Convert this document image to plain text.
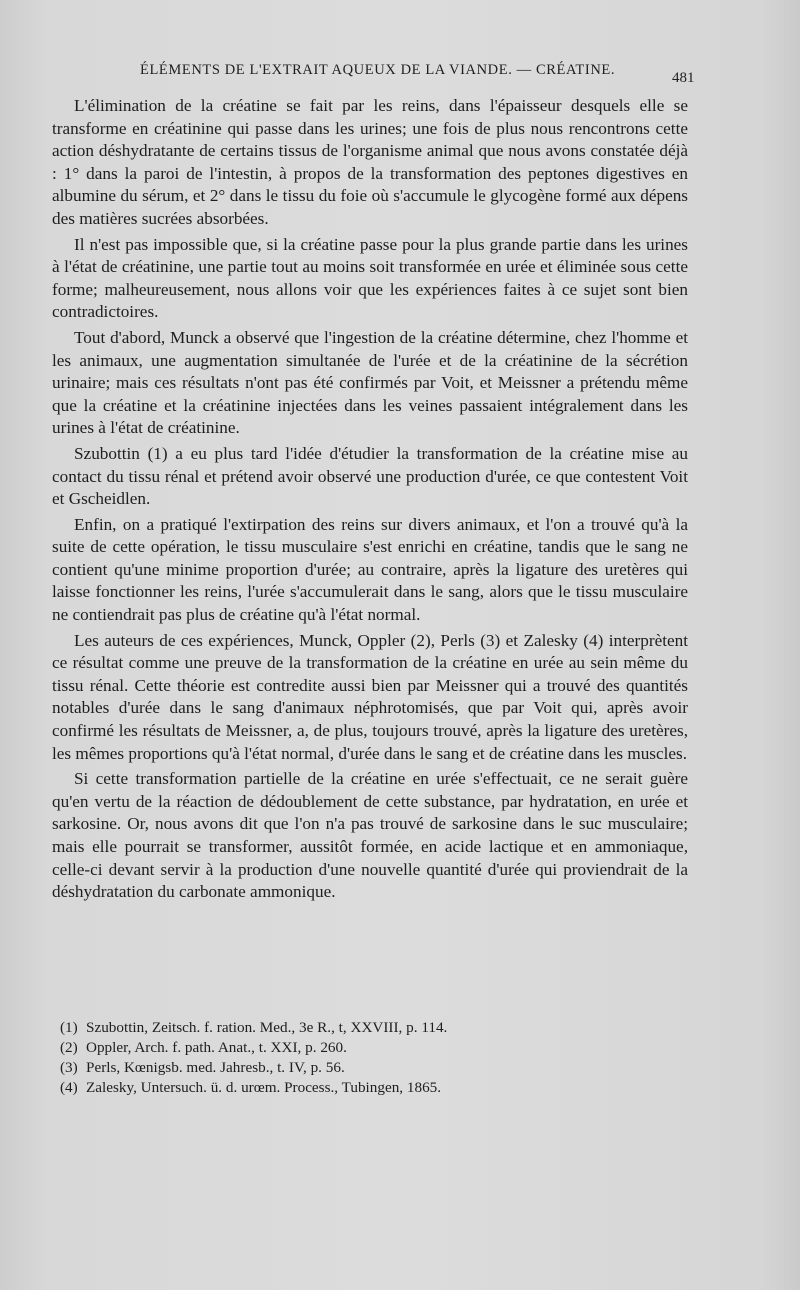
ÉLÉMENTS DE L'EXTRAIT AQUEUX DE LA VIANDE. — CRÉATINE.	481

L'élimination de la créatine se fait par les reins, dans l'épaisseur desquels elle se transforme en créatinine qui passe dans les urines; une fois de plus nous rencontrons cette action déshydratante de certains tissus de l'organisme animal que nous avons constatée déjà : 1° dans la paroi de l'intestin, à propos de la transformation des peptones digestives en albumine du sérum, et 2° dans le tissu du foie où s'accumule le glycogène formé aux dépens des matières sucrées absorbées.

Il n'est pas impossible que, si la créatine passe pour la plus grande partie dans les urines à l'état de créatinine, une partie tout au moins soit transformée en urée et éliminée sous cette forme; malheureusement, nous allons voir que les expériences faites à ce sujet sont bien contradictoires.

Tout d'abord, Munck a observé que l'ingestion de la créatine détermine, chez l'homme et les animaux, une augmentation simultanée de l'urée et de la créatinine de la sécrétion urinaire; mais ces résultats n'ont pas été confirmés par Voit, et Meissner a prétendu même que la créatine et la créatinine injectées dans les veines passaient intégralement dans les urines à l'état de créatinine.

Szubottin (1) a eu plus tard l'idée d'étudier la transformation de la créatine mise au contact du tissu rénal et prétend avoir observé une production d'urée, ce que contestent Voit et Gscheidlen.

Enfin, on a pratiqué l'extirpation des reins sur divers animaux, et l'on a trouvé qu'à la suite de cette opération, le tissu musculaire s'est enrichi en créatine, tandis que le sang ne contient qu'une minime proportion d'urée; au contraire, après la ligature des uretères qui laisse fonctionner les reins, l'urée s'accumulerait dans le sang, alors que le tissu musculaire ne contiendrait pas plus de créatine qu'à l'état normal.

Les auteurs de ces expériences, Munck, Oppler (2), Perls (3) et Zalesky (4) interprètent ce résultat comme une preuve de la transformation de la créatine en urée au sein même du tissu rénal. Cette théorie est contredite aussi bien par Meissner qui a trouvé des quantités notables d'urée dans le sang d'animaux néphrotomisés, que par Voit qui, après avoir confirmé les résultats de Meissner, a, de plus, toujours trouvé, après la ligature des uretères, les mêmes proportions qu'à l'état normal, d'urée dans le sang et de créatine dans les muscles.

Si cette transformation partielle de la créatine en urée s'effectuait, ce ne serait guère qu'en vertu de la réaction de dédoublement de cette substance, par hydratation, en urée et sarkosine. Or, nous avons dit que l'on n'a pas trouvé de sarkosine dans le suc musculaire; mais elle pourrait se transformer, aussitôt formée, en acide lactique et en ammoniaque, celle-ci devant servir à la production d'une nouvelle quantité d'urée qui proviendrait de la déshydratation du carbonate ammonique.

(1) Szubottin, Zeitsch. f. ration. Med., 3e R., t, XXVIII, p. 114.
(2) Oppler, Arch. f. path. Anat., t. XXI, p. 260.
(3) Perls, Kœnigsb. med. Jahresb., t. IV, p. 56.
(4) Zalesky, Untersuch. ü. d. urœm. Process., Tubingen, 1865.
